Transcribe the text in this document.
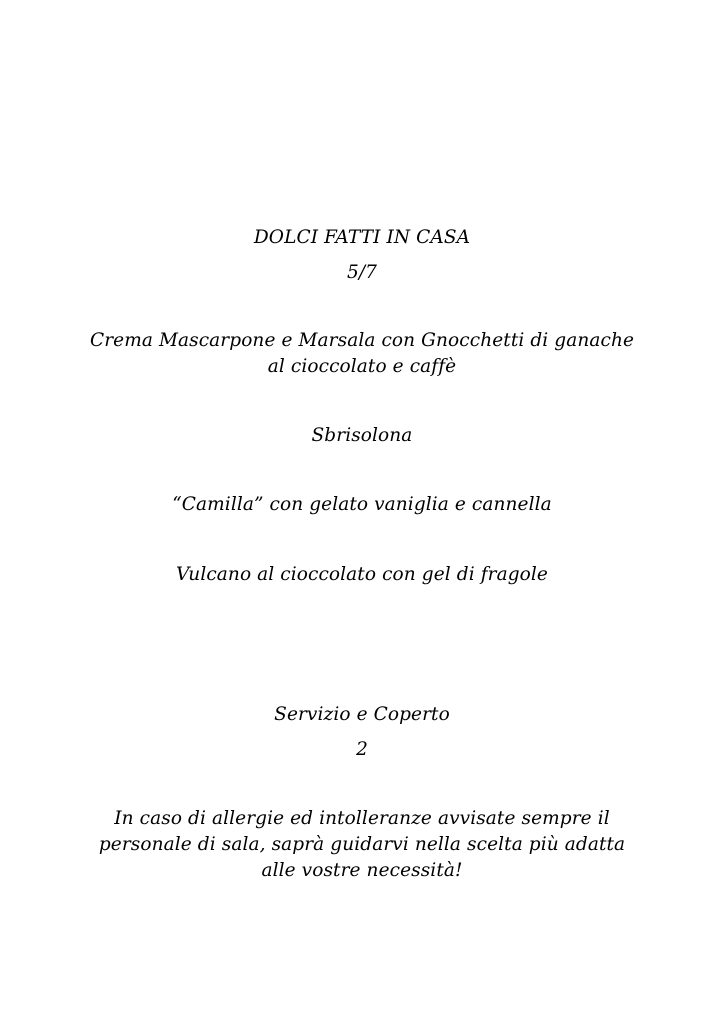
DOLCI FATTI IN CASA
5/7
Crema Mascarpone e Marsala con Gnocchetti di ganache
al cioccolato e caffè
Sbrisolona
“Camilla” con gelato vaniglia e cannella
Vulcano al cioccolato con gel di fragole
Servizio e Coperto
2
In caso di allergie ed intolleranze avvisate sempre il
personale di sala, saprà guidarvi nella scelta più adatta
alle vostre necessità!
